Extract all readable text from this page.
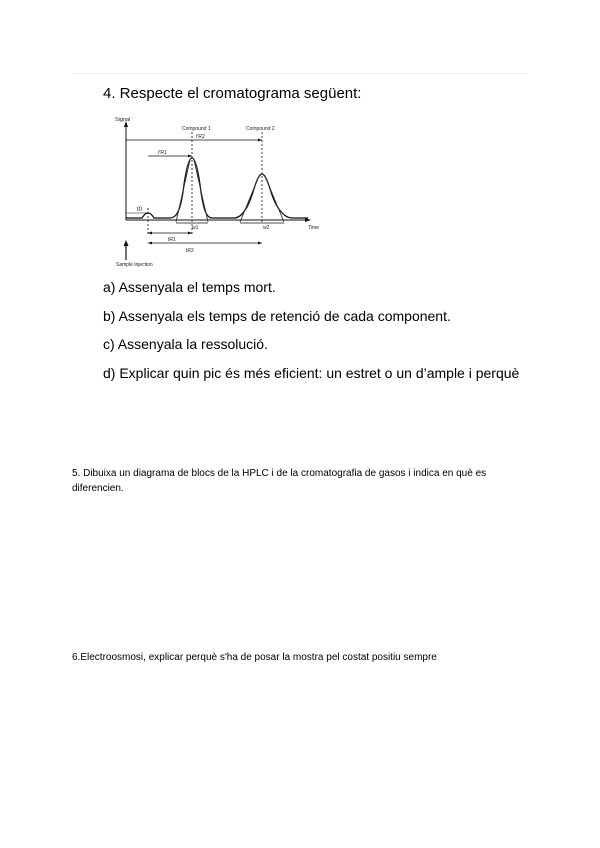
4. Respecte el cromatograma següent:
Signal
Compound 1	Compound 2
t'R2
t'R1
t0
w1	w2	Time
tR1
tR2
Sample injection
a) Assenyala el temps mort.
b) Assenyala els temps de retenció de cada component.
c) Assenyala la ressolució.
d) Explicar quin pic és més eficient: un estret o un d’ample i perquè
5. Dibuixa un diagrama de blocs de la HPLC i de la cromatografia de gasos i indica en què es diferencien.
6.Electroosmosi, explicar perquè s'ha de posar la mostra pel costat positiu sempre
